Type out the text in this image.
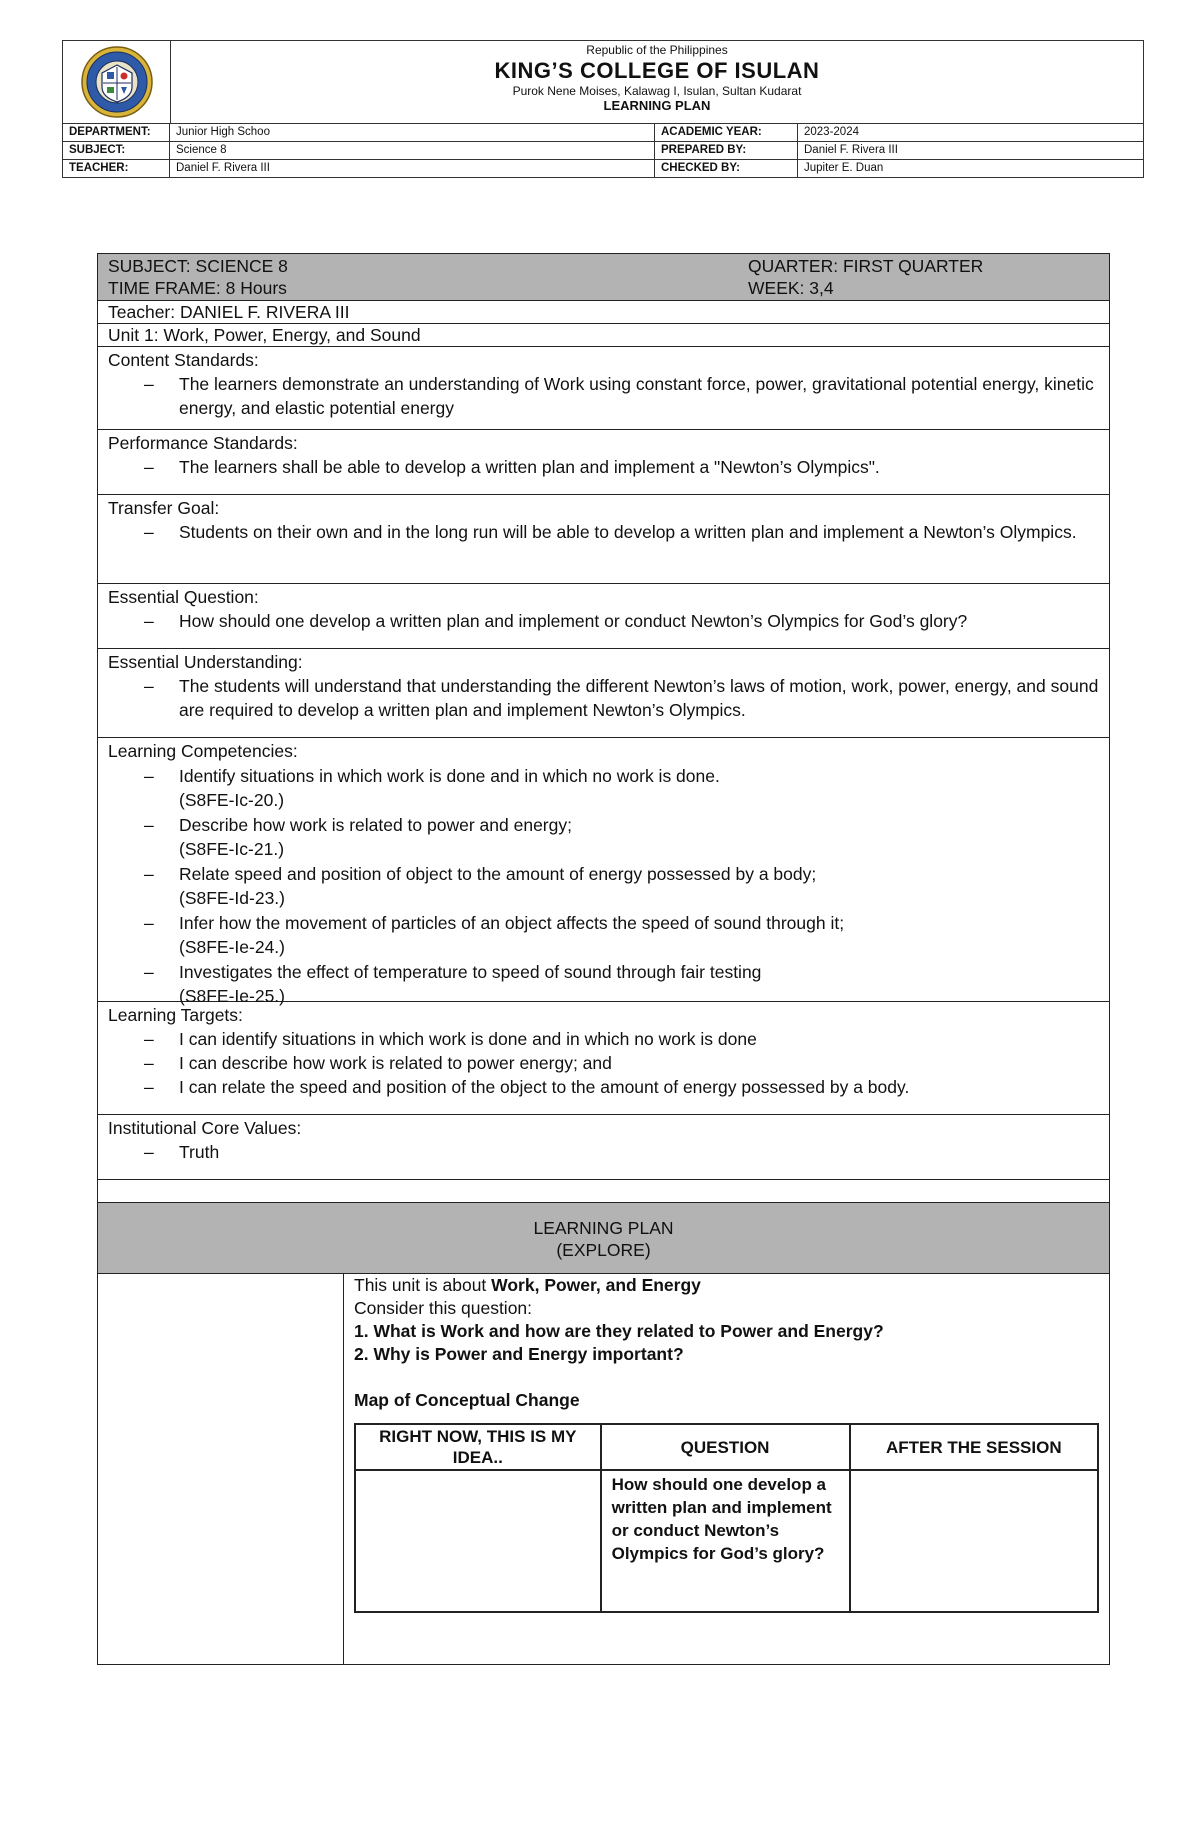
Republic of the Philippines
KING’S COLLEGE OF ISULAN
Purok Nene Moises, Kalawag I, Isulan, Sultan Kudarat
LEARNING PLAN
DEPARTMENT:	Junior High Schoo	ACADEMIC YEAR:	2023-2024
SUBJECT:	Science 8	PREPARED BY:	Daniel F. Rivera III
TEACHER:	Daniel F. Rivera III	CHECKED BY:	Jupiter E. Duan
SUBJECT: SCIENCE 8
TIME FRAME: 8 Hours
QUARTER: FIRST QUARTER
WEEK: 3,4
Teacher: DANIEL F. RIVERA III
Unit 1: Work, Power, Energy, and Sound
Content Standards:
– The learners demonstrate an understanding of Work using constant force, power, gravitational potential energy, kinetic energy, and elastic potential energy
Performance Standards:
– The learners shall be able to develop a written plan and implement a "Newton’s Olympics".
Transfer Goal:
– Students on their own and in the long run will be able to develop a written plan and implement a Newton’s Olympics.
Essential Question:
– How should one develop a written plan and implement or conduct Newton’s Olympics for God’s glory?
Essential Understanding:
– The students will understand that understanding the different Newton’s laws of motion, work, power, energy, and sound are required to develop a written plan and implement Newton’s Olympics.
Learning Competencies:
– Identify situations in which work is done and in which no work is done.
(S8FE-Ic-20.)
– Describe how work is related to power and energy;
(S8FE-Ic-21.)
– Relate speed and position of object to the amount of energy possessed by a body;
(S8FE-Id-23.)
– Infer how the movement of particles of an object affects the speed of sound through it;
(S8FE-Ie-24.)
– Investigates the effect of temperature to speed of sound through fair testing
(S8FE-Ie-25.)
Learning Targets:
– I can identify situations in which work is done and in which no work is done
– I can describe how work is related to power energy; and
– I can relate the speed and position of the object to the amount of energy possessed by a body.
Institutional Core Values:
– Truth
LEARNING PLAN
(EXPLORE)
This unit is about Work, Power, and Energy
Consider this question:
1. What is Work and how are they related to Power and Energy?
2. Why is Power and Energy important?
Map of Conceptual Change
RIGHT NOW, THIS IS MY IDEA..	QUESTION	AFTER THE SESSION
	How should one develop a written plan and implement or conduct Newton’s Olympics for God’s glory?	
